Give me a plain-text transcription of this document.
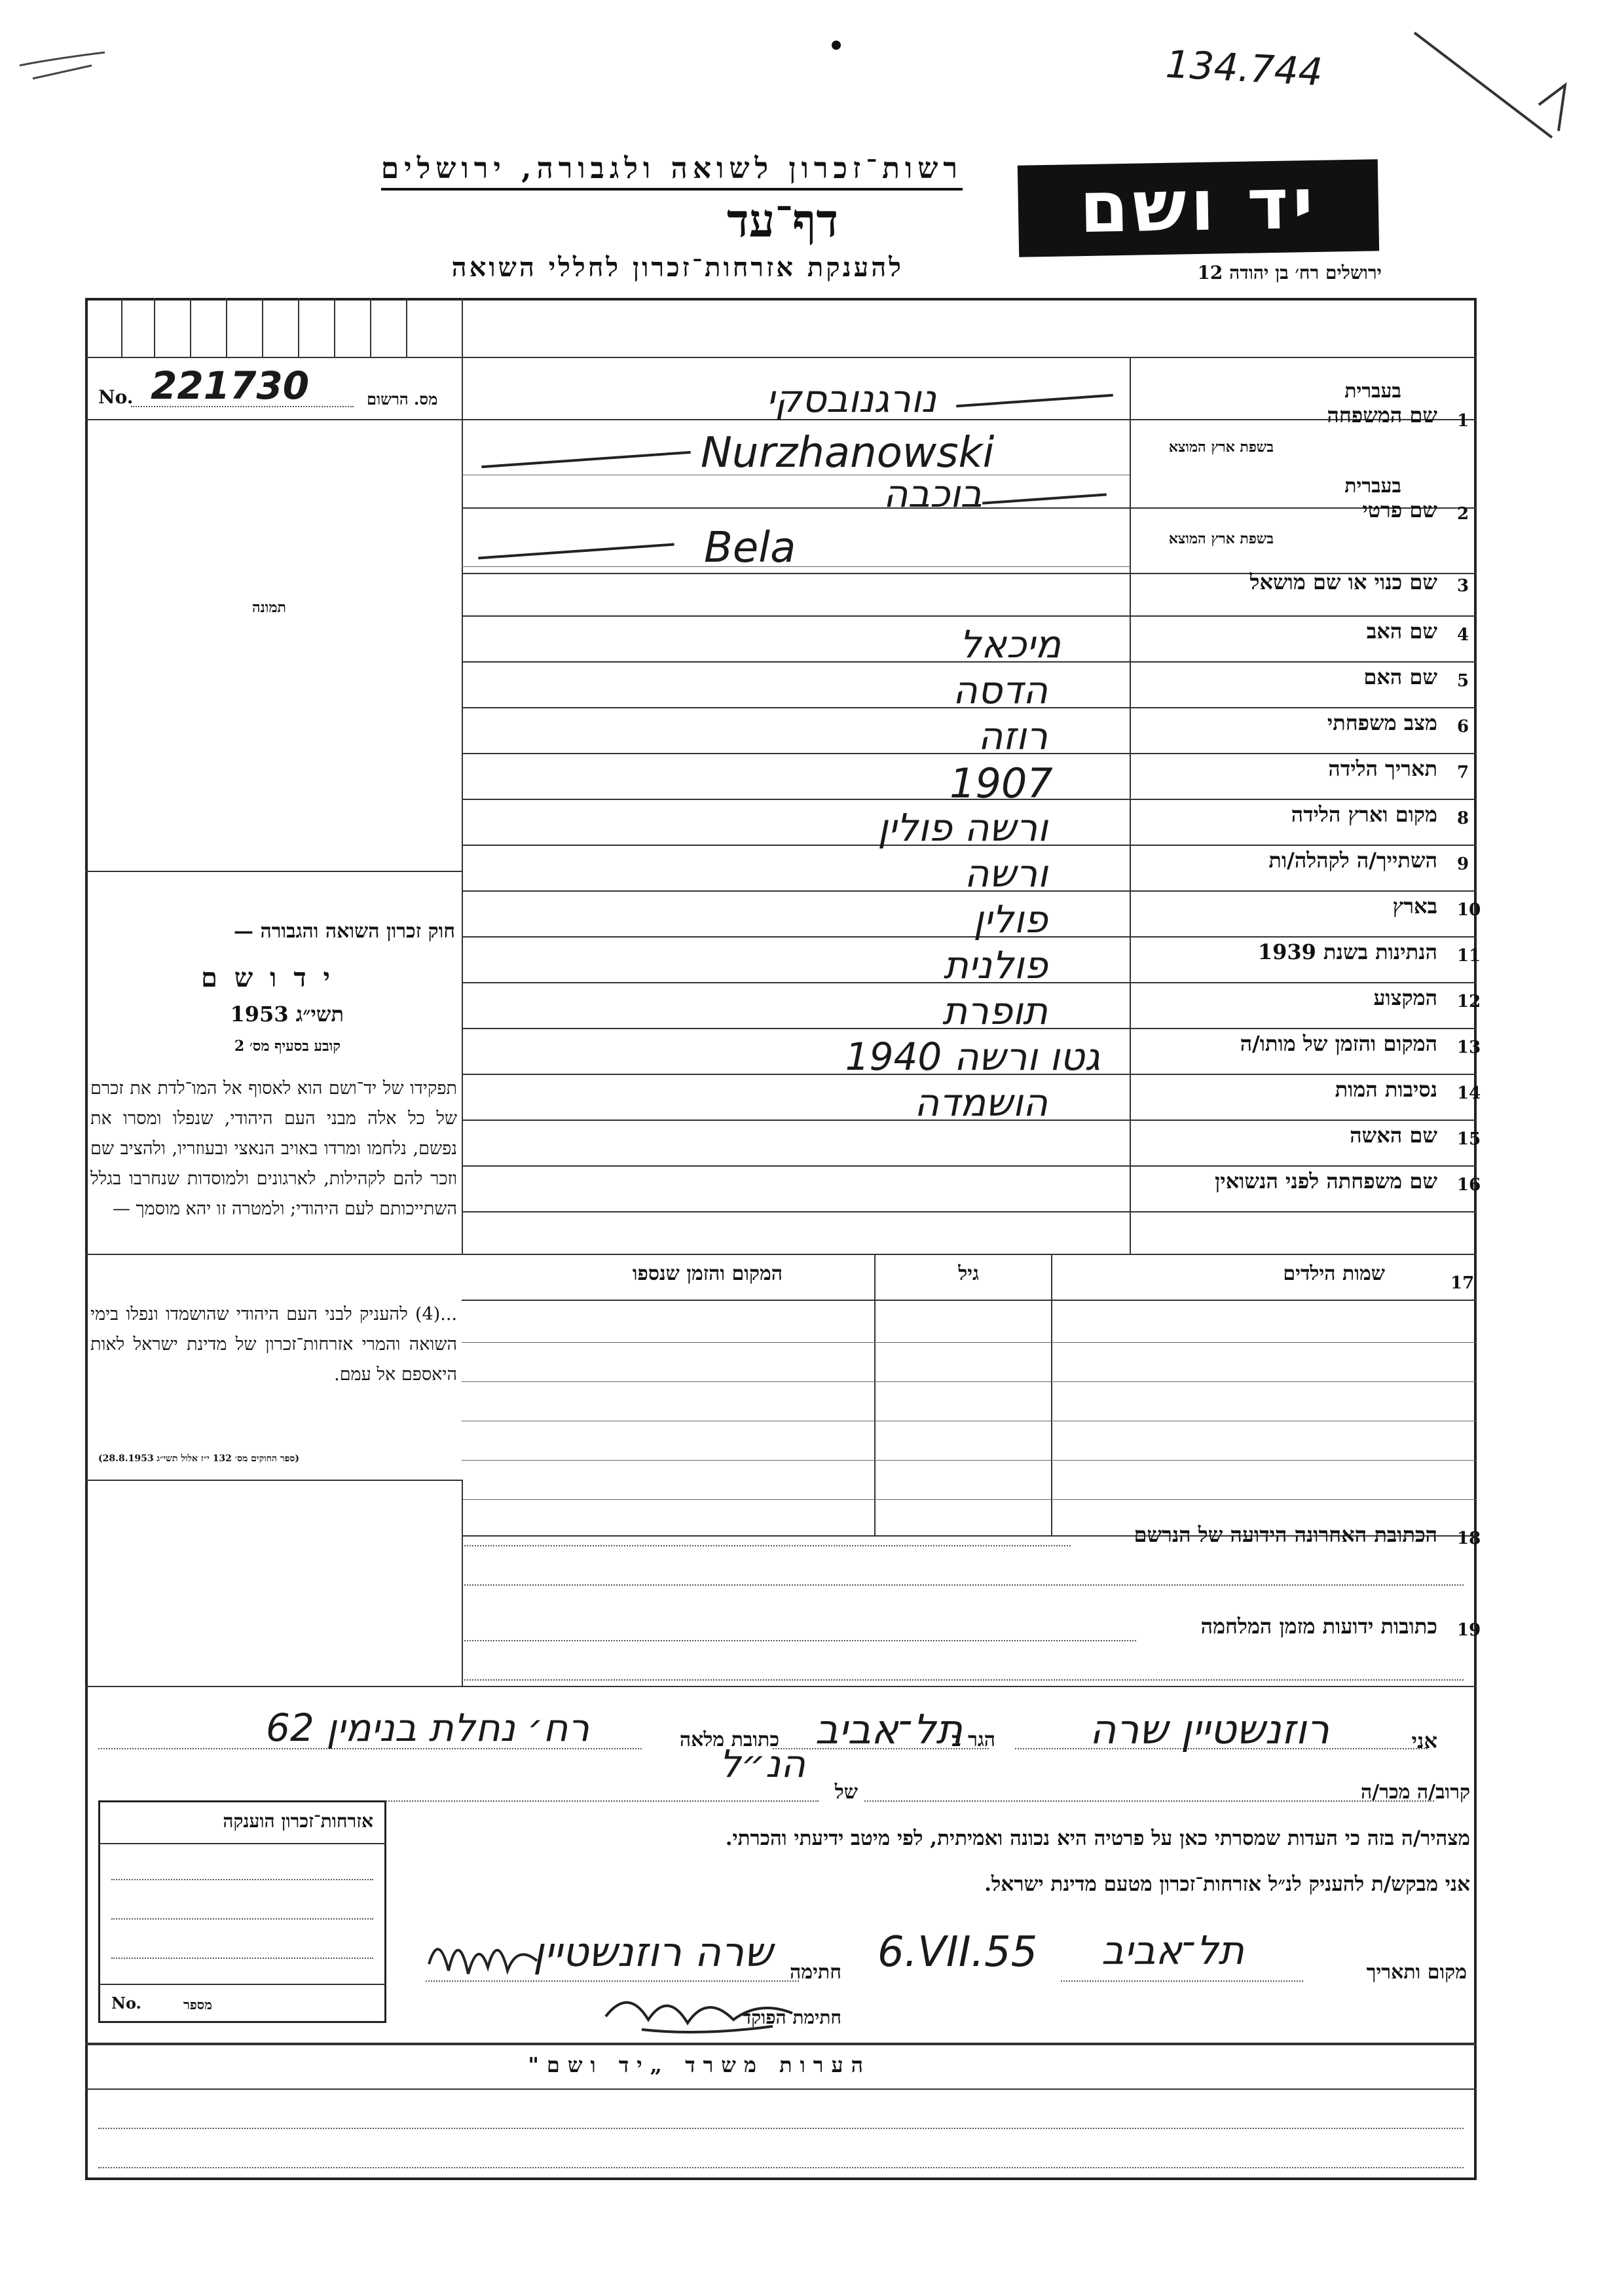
134.744
רשות־זכרון לשואה ולגבורה, ירושלים
דף־עד
להענקת אזרחות־זכרון לחללי השואה
יד ושם
ירושלים רח׳ בן יהודה 12
No. 221730	מס. הרשום
תמונה
חוק זכרון השואה והגבורה —
י ד ו ש ם
תשי״ג 1953
קובע בסעיף מס׳ 2
תפקידו של יד־ושם הוא לאסוף אל המו־לדת את זכרם של כל אלה מבני העם היהודי, שנפלו ומסרו את נפשם, נלחמו ומרדו באויב הנאצי ובעוזריו, ולהציב שם וזכר להם לקהילות, לארגונים ולמוסדות שנחרבו בגלל השתייכותם לעם היהודי; ולמטרה זו יהא מוסמך —
...(4) להעניק לבני העם היהודי שהושמדו ונפלו בימי השואה והמרי אזרחות־זכרון של מדינת ישראל לאות היאספם אל עמם.
(ספר החוקים מס׳ 132 י״ז אלול תשי״ג 28.8.1953)
1
שם המשפחה
בעברית
בשפת ארץ המוצא
נורגנובסקי
Nurzhanowski
2
שם פרטי
בעברית
בשפת ארץ המוצא
בוכבה
Bela
3
שם כנוי או שם מושאל
4
שם האב
מיכאל
5
שם האם
הדסה
6
מצב משפחתי
רוזה
7
תאריך הלידה
1907
8
מקום וארץ הלידה
ורשה פולין
9
השתייך/ה לקהלה/ות
ורשה
10
בארץ
פולין
11
הנתינות בשנת 1939
פולנית
12
המקצוע
תופרת
13
המקום והזמן של מותו/ה
גטו ורשה 1940
14
נסיבות המות
הושמדה
15
שם האשה
16
שם משפחתה לפני הנשואין
17
שמות הילדים
גיל
המקום והזמן שנספו
18
הכתובת האחרונה הידועה של הנרשם
19
כתובות ידועות מזמן המלחמה
אני
רוזנשטיין שרה
הגר ב
תל־אביב
כתובת מלאה
רח׳ נחלת בנימין 62
קרוב/ה מכר/ה
של
הנ״ל
מצהיר/ה בזה כי העדות שמסרתי כאן על פרטיה היא נכונה ואמיתית, לפי מיטב ידיעתי והכרתי.
אני מבקש/ת להעניק לנ״ל אזרחות־זכרון מטעם מדינת ישראל.
מקום ותאריך
תל־אביב
6.VII.55
חתימה
שרה רוזנשטיין
חתימת הפוקד
אזרחות־זכרון הוענקה
No.	מספר
הערות משרד „יד ושם"
